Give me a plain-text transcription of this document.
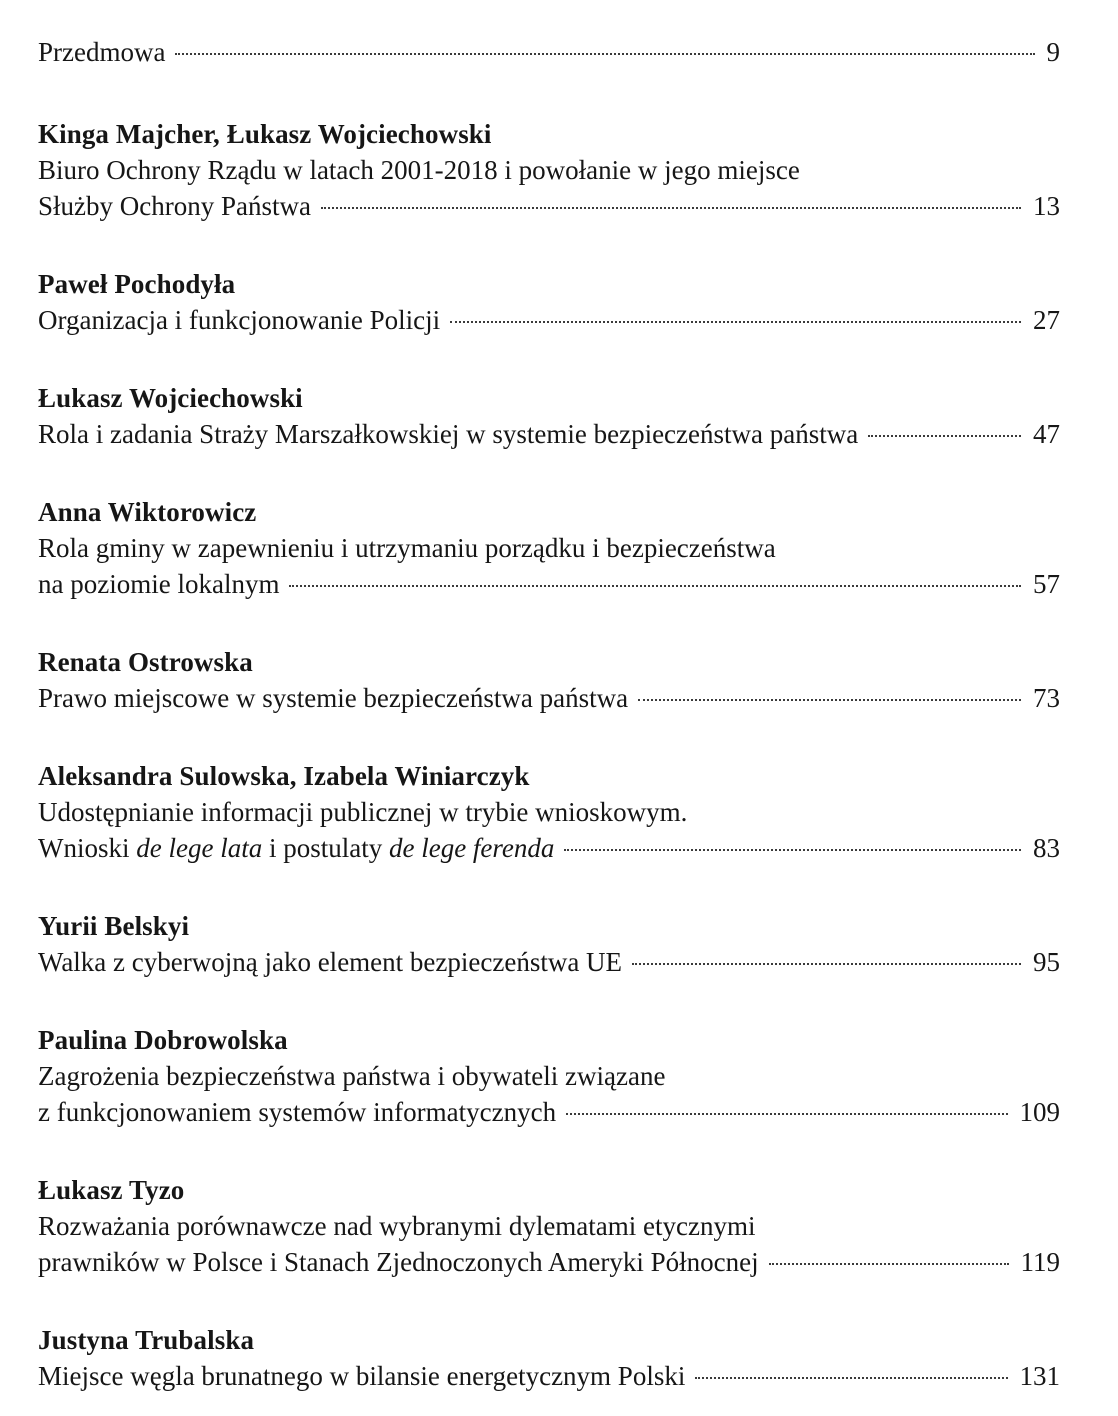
Przedmowa	9
Kinga Majcher, Łukasz Wojciechowski
Biuro Ochrony Rządu w latach 2001-2018 i powołanie w jego miejsce
Służby Ochrony Państwa	13
Paweł Pochodyła
Organizacja i funkcjonowanie Policji	27
Łukasz Wojciechowski
Rola i zadania Straży Marszałkowskiej w systemie bezpieczeństwa państwa	47
Anna Wiktorowicz
Rola gminy w zapewnieniu i utrzymaniu porządku i bezpieczeństwa
na poziomie lokalnym	57
Renata Ostrowska
Prawo miejscowe w systemie bezpieczeństwa państwa	73
Aleksandra Sulowska, Izabela Winiarczyk
Udostępnianie informacji publicznej w trybie wnioskowym.
Wnioski de lege lata i postulaty de lege ferenda	83
Yurii Belskyi
Walka z cyberwojną jako element bezpieczeństwa UE	95
Paulina Dobrowolska
Zagrożenia bezpieczeństwa państwa i obywateli związane
z funkcjonowaniem systemów informatycznych	109
Łukasz Tyzo
Rozważania porównawcze nad wybranymi dylematami etycznymi
prawników w Polsce i Stanach Zjednoczonych Ameryki Północnej	119
Justyna Trubalska
Miejsce węgla brunatnego w bilansie energetycznym Polski	131
